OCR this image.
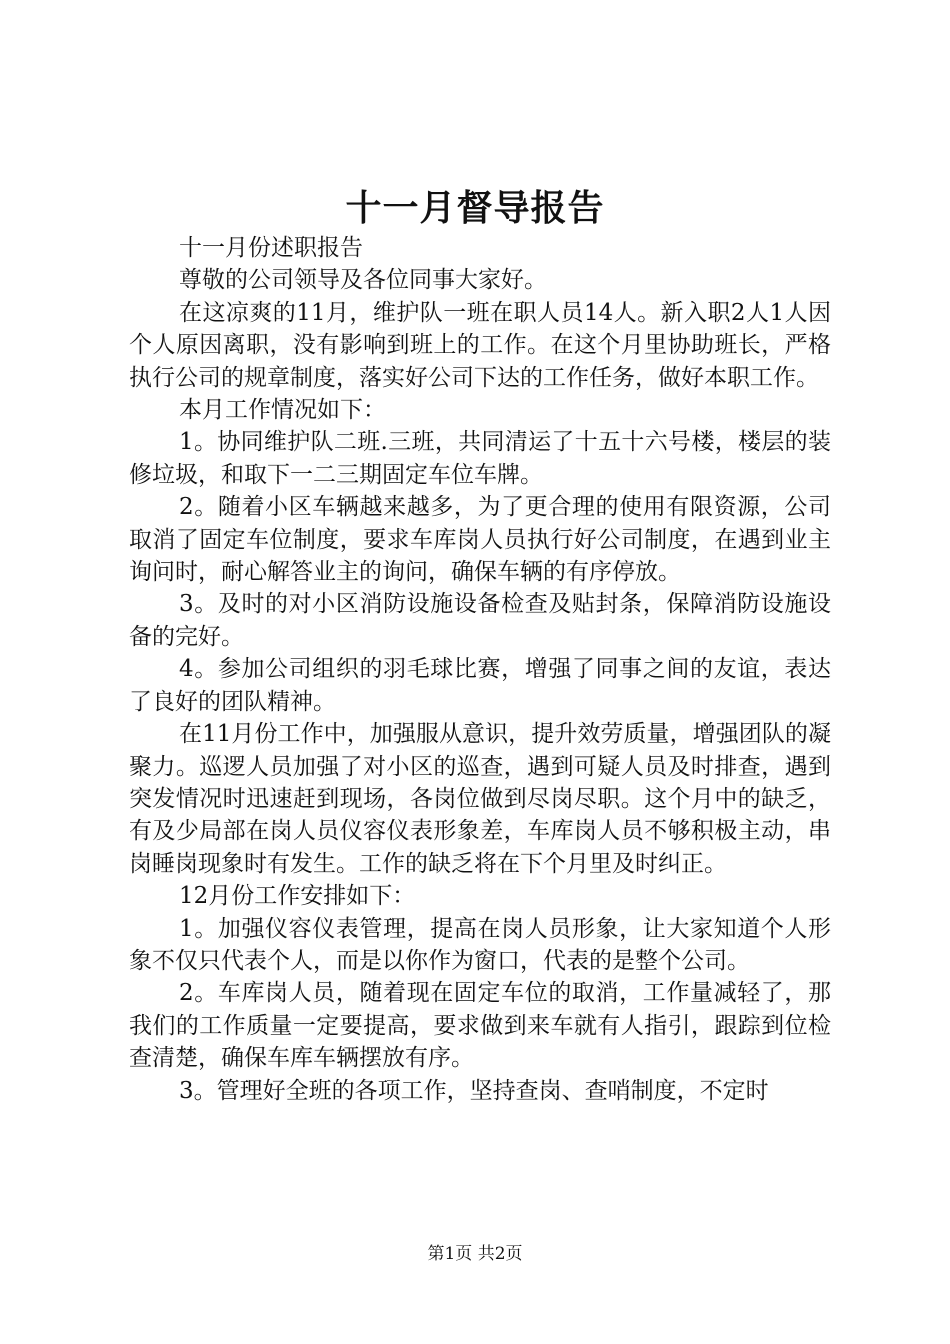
十一月督导报告

十一月份述职报告

尊敬的公司领导及各位同事大家好。

在这凉爽的11月，维护队一班在职人员14人。新入职2人1人因个人原因离职，没有影响到班上的工作。在这个月里协助班长，严格执行公司的规章制度，落实好公司下达的工作任务，做好本职工作。

本月工作情况如下：

1。协同维护队二班.三班，共同清运了十五十六号楼，楼层的装修垃圾，和取下一二三期固定车位车牌。

2。随着小区车辆越来越多，为了更合理的使用有限资源，公司取消了固定车位制度，要求车库岗人员执行好公司制度，在遇到业主询问时，耐心解答业主的询问，确保车辆的有序停放。

3。及时的对小区消防设施设备检查及贴封条，保障消防设施设备的完好。

4。参加公司组织的羽毛球比赛，增强了同事之间的友谊，表达了良好的团队精神。

在11月份工作中，加强服从意识，提升效劳质量，增强团队的凝聚力。巡逻人员加强了对小区的巡查，遇到可疑人员及时排查，遇到突发情况时迅速赶到现场，各岗位做到尽岗尽职。这个月中的缺乏，有及少局部在岗人员仪容仪表形象差，车库岗人员不够积极主动，串岗睡岗现象时有发生。工作的缺乏将在下个月里及时纠正。

12月份工作安排如下：

1。加强仪容仪表管理，提高在岗人员形象，让大家知道个人形象不仅只代表个人，而是以你作为窗口，代表的是整个公司。

2。车库岗人员，随着现在固定车位的取消，工作量减轻了，那我们的工作质量一定要提高，要求做到来车就有人指引，跟踪到位检查清楚，确保车库车辆摆放有序。

3。管理好全班的各项工作，坚持查岗、查哨制度，不定时

第1页 共2页
